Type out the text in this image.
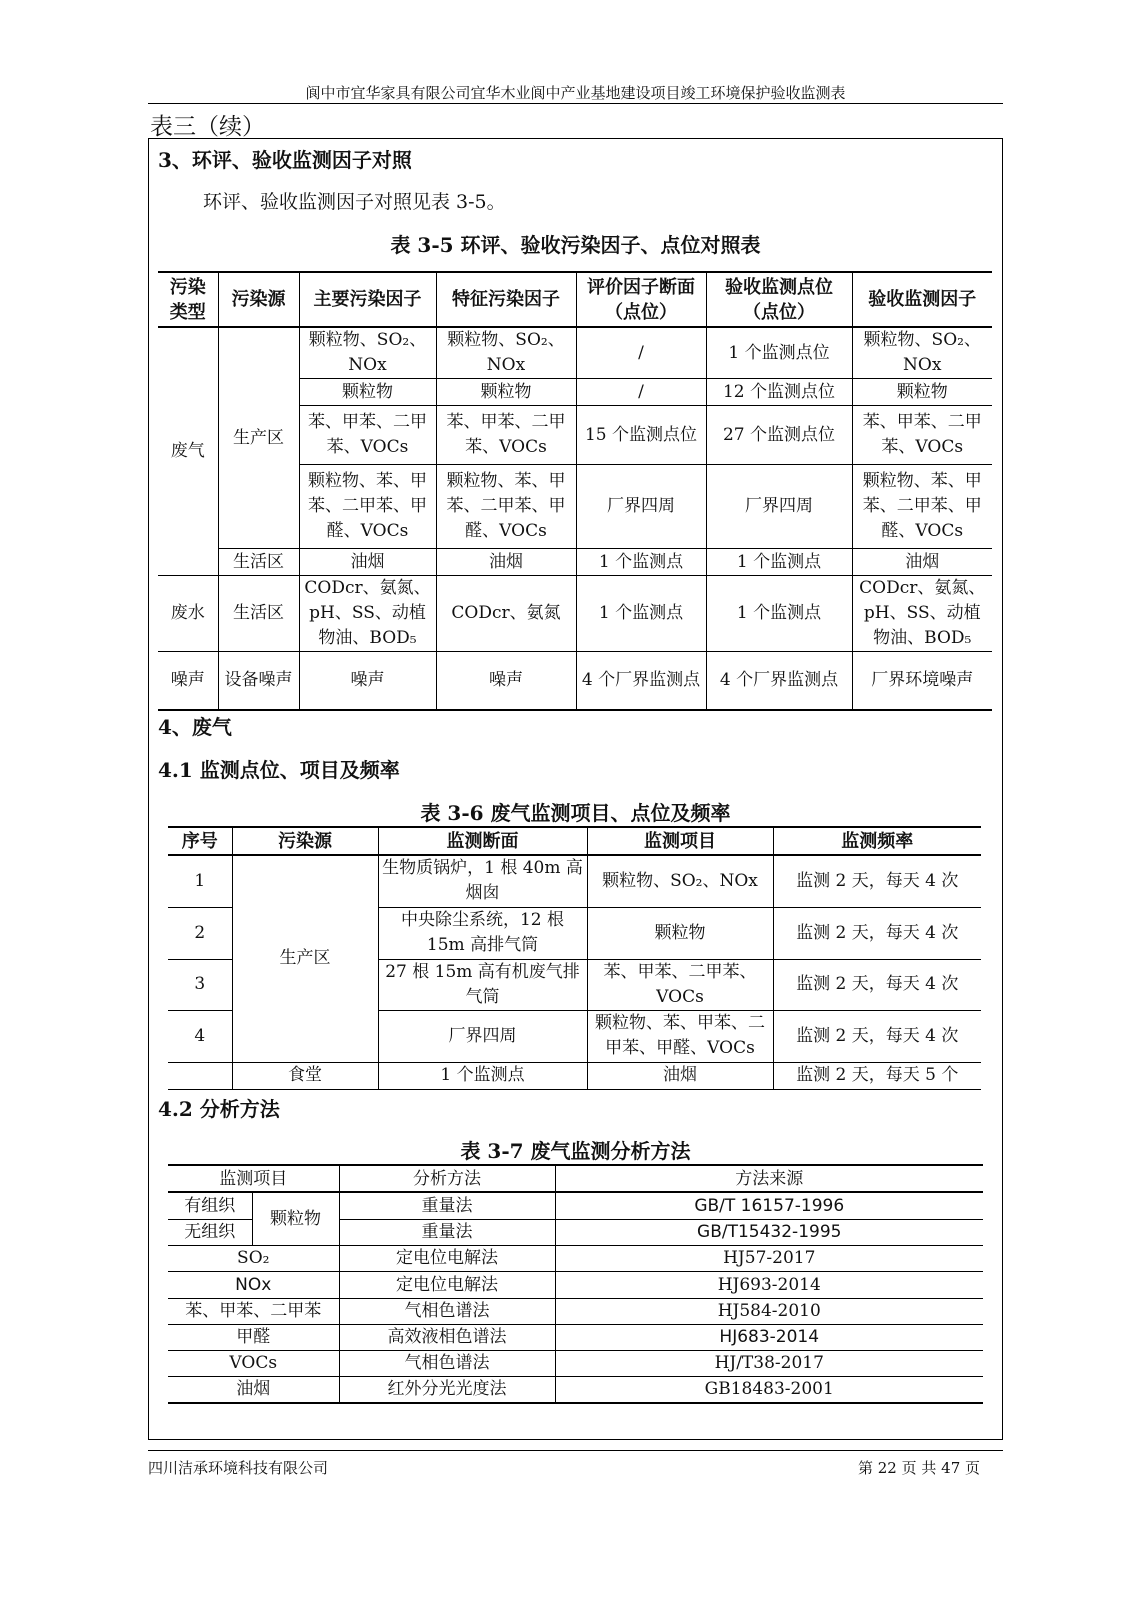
阆中市宜华家具有限公司宜华木业阆中产业基地建设项目竣工环境保护验收监测表
表三（续）
3、环评、验收监测因子对照
环评、验收监测因子对照见表 3-5。
表 3-5 环评、验收污染因子、点位对照表
污染类型	污染源	主要污染因子	特征污染因子	评价因子断面（点位）	验收监测点位（点位）	验收监测因子
废气	生产区	颗粒物、SO₂、NOx	颗粒物、SO₂、NOx	/	1 个监测点位	颗粒物、SO₂、NOx
		颗粒物	颗粒物	/	12 个监测点位	颗粒物
		苯、甲苯、二甲苯、VOCs	苯、甲苯、二甲苯、VOCs	15 个监测点位	27 个监测点位	苯、甲苯、二甲苯、VOCs
		颗粒物、苯、甲苯、二甲苯、甲醛、VOCs	颗粒物、苯、甲苯、二甲苯、甲醛、VOCs	厂界四周	厂界四周	颗粒物、苯、甲苯、二甲苯、甲醛、VOCs
	生活区	油烟	油烟	1 个监测点	1 个监测点	油烟
废水	生活区	CODcr、氨氮、pH、SS、动植物油、BOD₅	CODcr、氨氮	1 个监测点	1 个监测点	CODcr、氨氮、pH、SS、动植物油、BOD₅
噪声	设备噪声	噪声	噪声	4 个厂界监测点	4 个厂界监测点	厂界环境噪声
4、废气
4.1 监测点位、项目及频率
表 3-6 废气监测项目、点位及频率
序号	污染源	监测断面	监测项目	监测频率
1	生产区	生物质锅炉，1 根 40m 高烟囱	颗粒物、SO₂、NOx	监测 2 天，每天 4 次
2		中央除尘系统，12 根 15m 高排气筒	颗粒物	监测 2 天，每天 4 次
3		27 根 15m 高有机废气排气筒	苯、甲苯、二甲苯、VOCs	监测 2 天，每天 4 次
4		厂界四周	颗粒物、苯、甲苯、二甲苯、甲醛、VOCs	监测 2 天，每天 4 次
	食堂	1 个监测点	油烟	监测 2 天，每天 5 个
4.2 分析方法
表 3-7 废气监测分析方法
监测项目		分析方法	方法来源
有组织	颗粒物	重量法	GB/T 16157-1996
无组织		重量法	GB/T15432-1995
SO₂		定电位电解法	HJ57-2017
NOx		定电位电解法	HJ693-2014
苯、甲苯、二甲苯		气相色谱法	HJ584-2010
甲醛		高效液相色谱法	HJ683-2014
VOCs		气相色谱法	HJ/T38-2017
油烟		红外分光光度法	GB18483-2001
四川洁承环境科技有限公司	第 22 页 共 47 页
